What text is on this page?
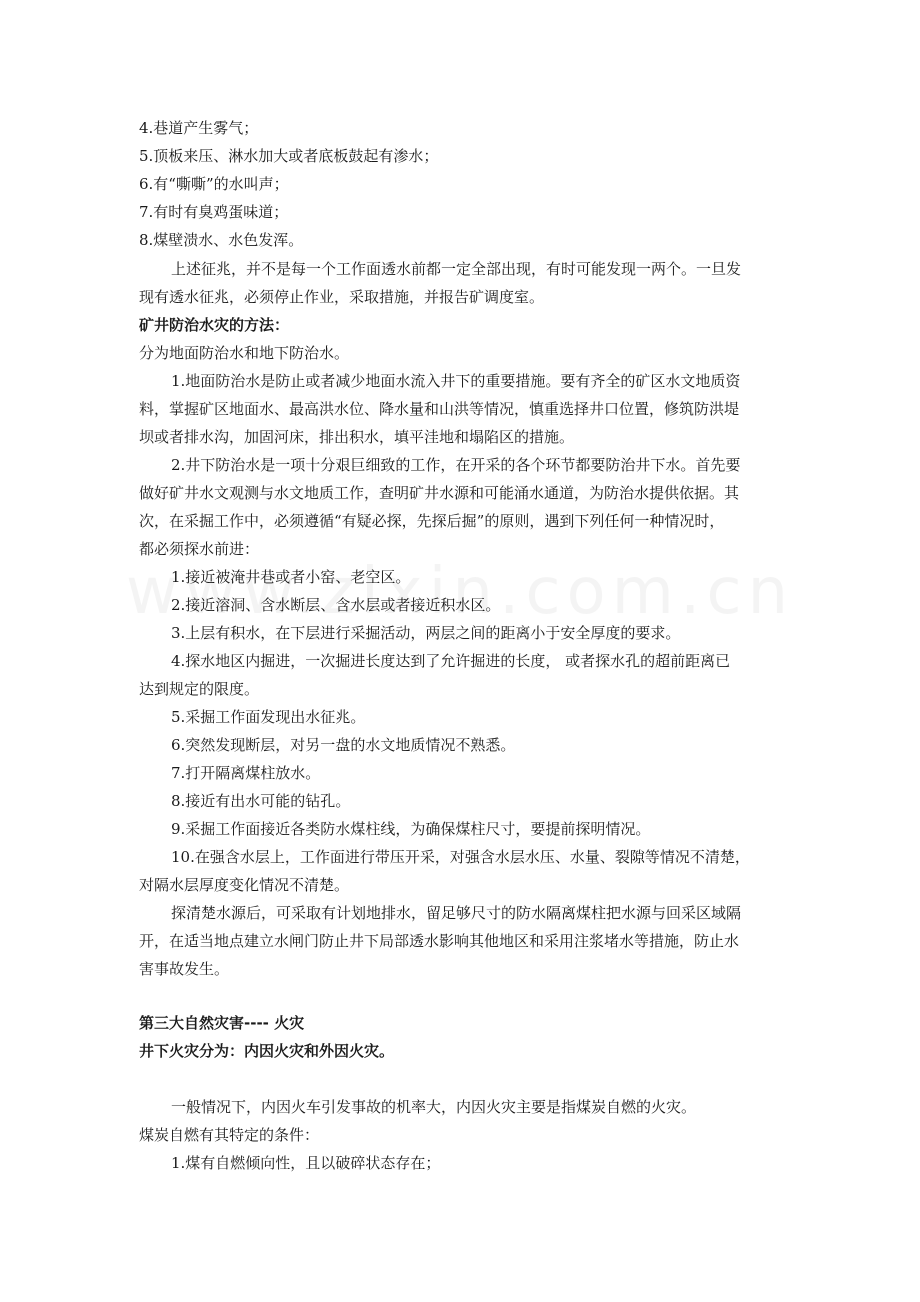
4.巷道产生雾气；
5.顶板来压、淋水加大或者底板鼓起有渗水；
6.有“嘶嘶”的水叫声；
7.有时有臭鸡蛋味道；
8.煤壁溃水、水色发浑。
上述征兆，并不是每一个工作面透水前都一定全部出现，有时可能发现一两个。一旦发
现有透水征兆，必须停止作业，采取措施，并报告矿调度室。
矿井防治水灾的方法：
分为地面防治水和地下防治水。
1.地面防治水是防止或者减少地面水流入井下的重要措施。要有齐全的矿区水文地质资
料，掌握矿区地面水、最高洪水位、降水量和山洪等情况，慎重选择井口位置，修筑防洪堤
坝或者排水沟，加固河床，排出积水，填平洼地和塌陷区的措施。
2.井下防治水是一项十分艰巨细致的工作，在开采的各个环节都要防治井下水。首先要
做好矿井水文观测与水文地质工作，查明矿井水源和可能涌水通道，为防治水提供依据。其
次，在采掘工作中，必须遵循“有疑必探，先探后掘”的原则，遇到下列任何一种情况时，
都必须探水前进：
1.接近被淹井巷或者小窑、老空区。
2.接近溶洞、含水断层、含水层或者接近积水区。
3.上层有积水，在下层进行采掘活动，两层之间的距离小于安全厚度的要求。
4.探水地区内掘进，一次掘进长度达到了允许掘进的长度， 或者探水孔的超前距离已
达到规定的限度。
5.采掘工作面发现出水征兆。
6.突然发现断层，对另一盘的水文地质情况不熟悉。
7.打开隔离煤柱放水。
8.接近有出水可能的钻孔。
9.采掘工作面接近各类防水煤柱线，为确保煤柱尺寸，要提前探明情况。
10.在强含水层上，工作面进行带压开采，对强含水层水压、水量、裂隙等情况不清楚，
对隔水层厚度变化情况不清楚。
探清楚水源后，可采取有计划地排水，留足够尺寸的防水隔离煤柱把水源与回采区域隔
开，在适当地点建立水闸门防止井下局部透水影响其他地区和采用注浆堵水等措施，防止水
害事故发生。
第三大自然灾害---- 火灾
井下火灾分为：内因火灾和外因火灾。
一般情况下，内因火车引发事故的机率大，内因火灾主要是指煤炭自燃的火灾。
煤炭自燃有其特定的条件：
1.煤有自燃倾向性，且以破碎状态存在；
